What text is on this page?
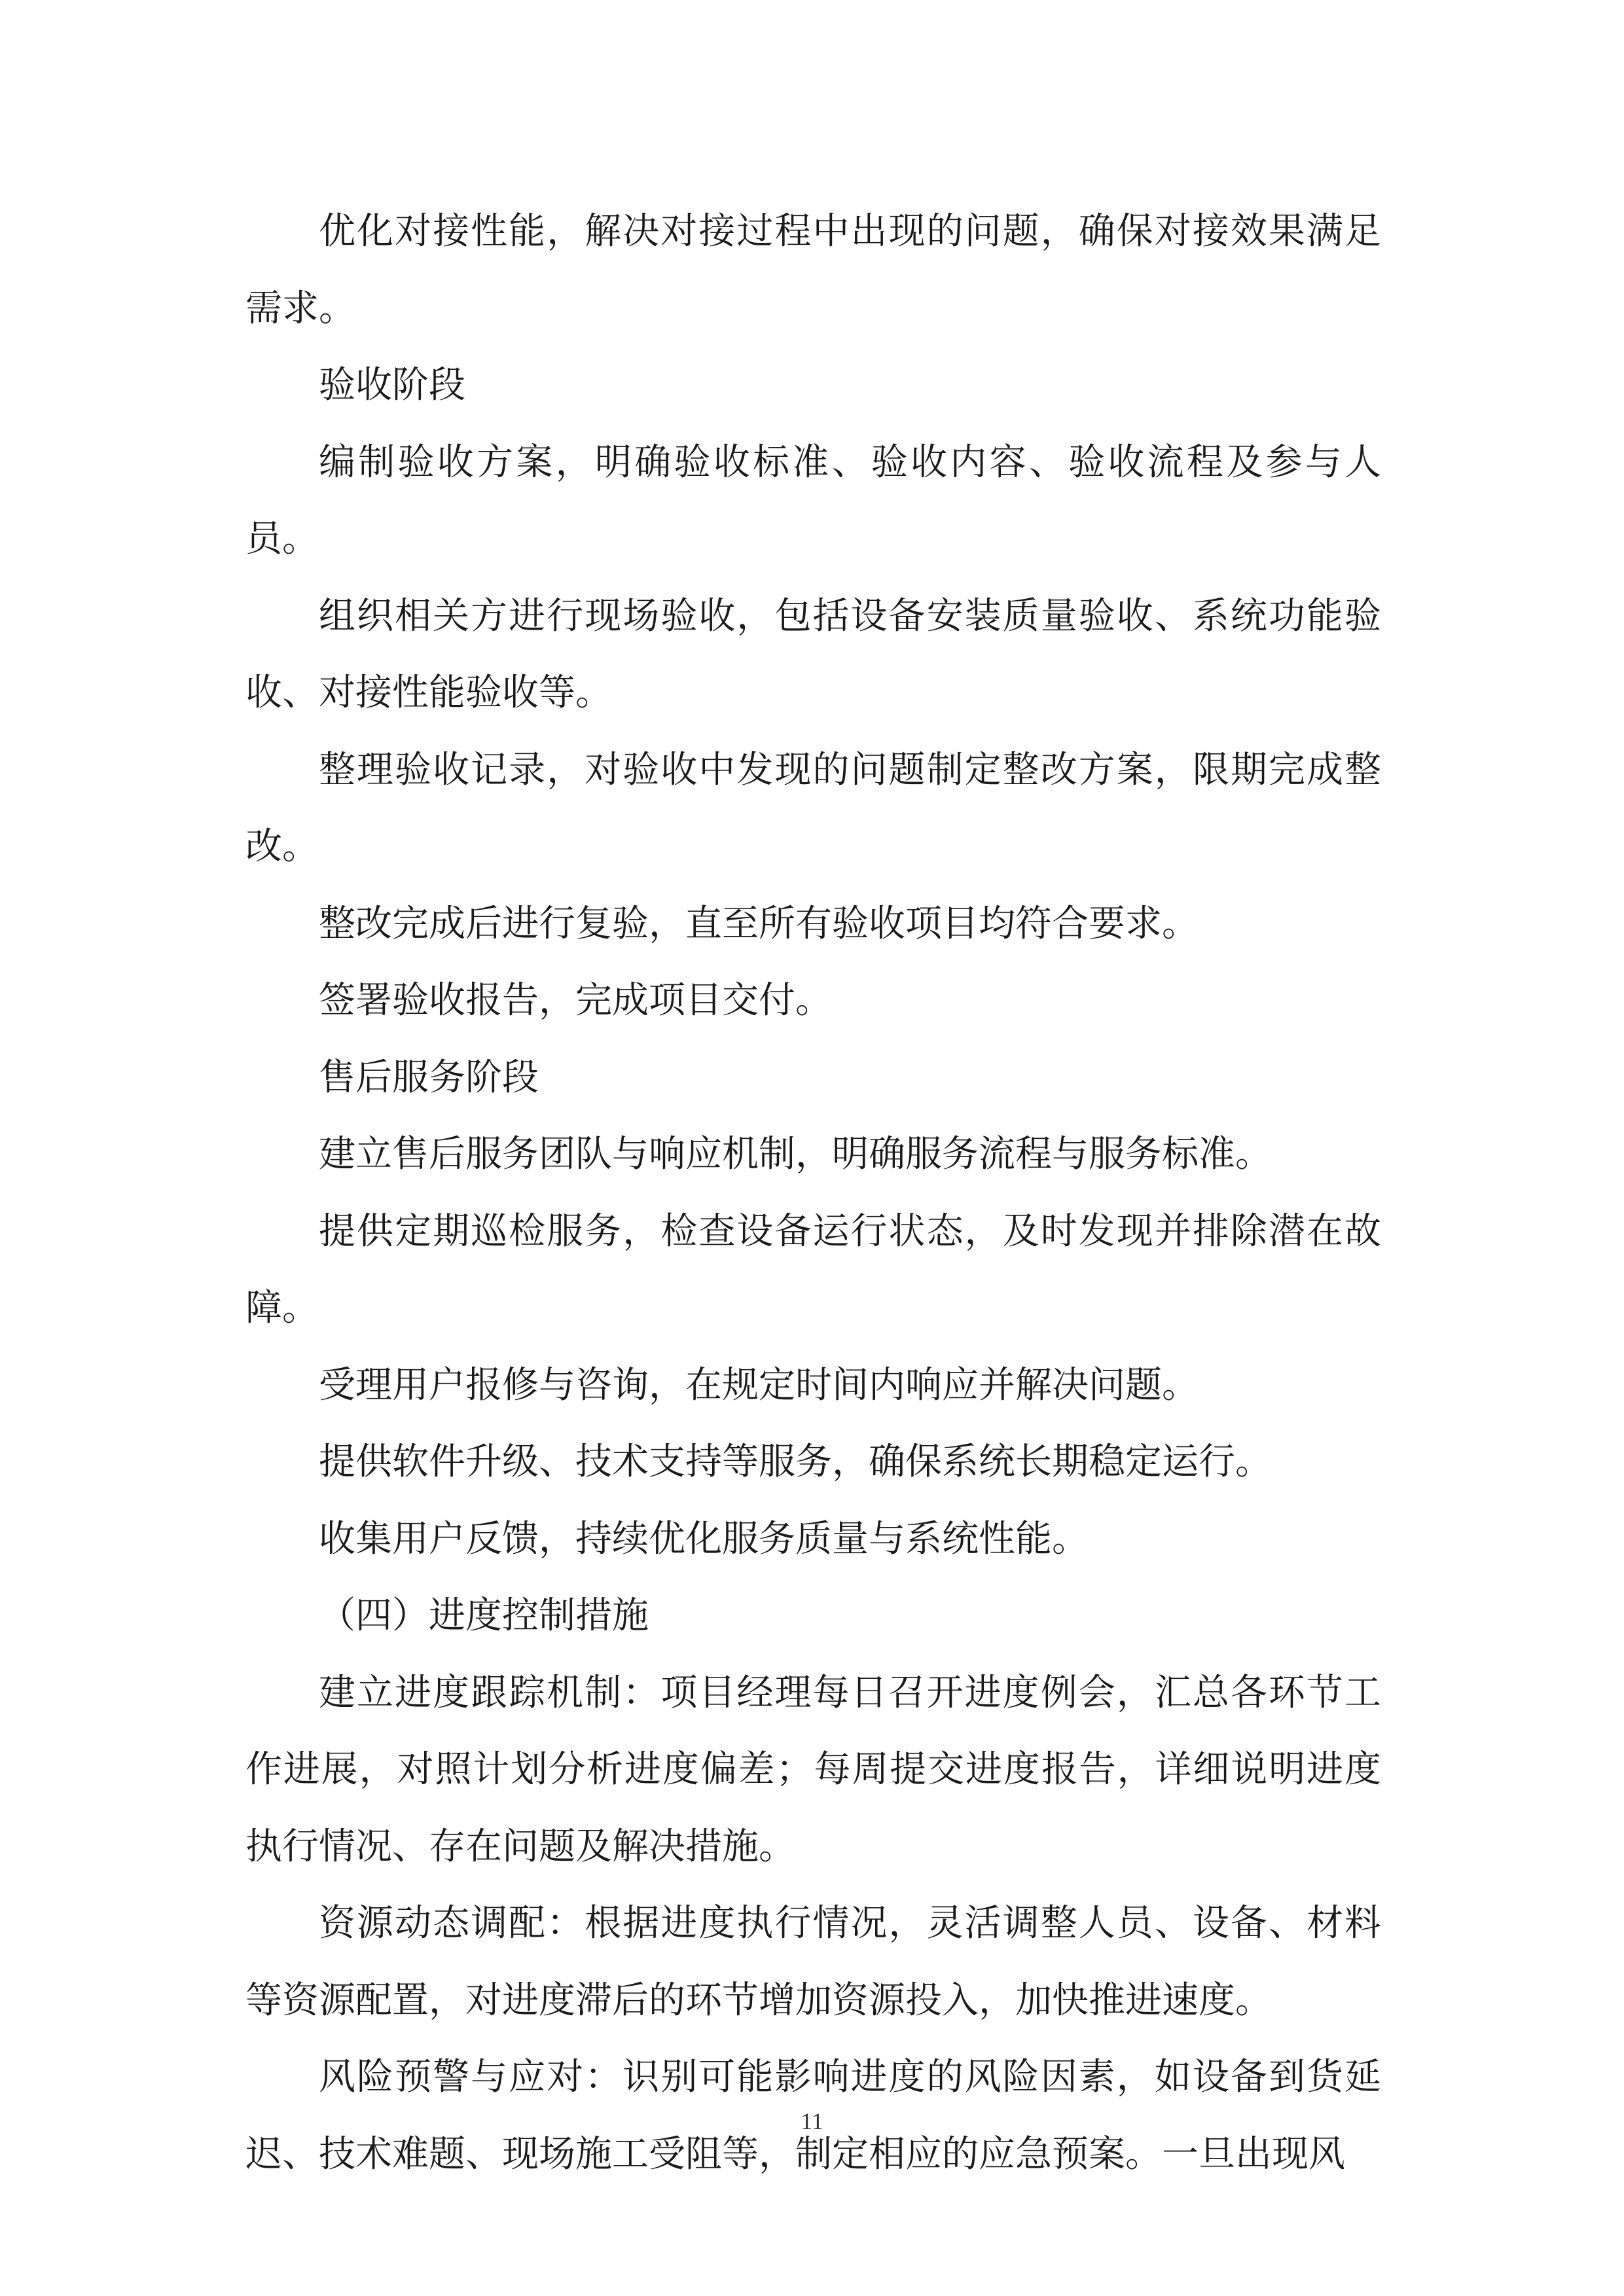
优化对接性能，解决对接过程中出现的问题，确保对接效果满足需求。

验收阶段

编制验收方案，明确验收标准、验收内容、验收流程及参与人员。

组织相关方进行现场验收，包括设备安装质量验收、系统功能验收、对接性能验收等。

整理验收记录，对验收中发现的问题制定整改方案，限期完成整改。

整改完成后进行复验，直至所有验收项目均符合要求。

签署验收报告，完成项目交付。

售后服务阶段

建立售后服务团队与响应机制，明确服务流程与服务标准。

提供定期巡检服务，检查设备运行状态，及时发现并排除潜在故障。

受理用户报修与咨询，在规定时间内响应并解决问题。

提供软件升级、技术支持等服务，确保系统长期稳定运行。

收集用户反馈，持续优化服务质量与系统性能。

（四）进度控制措施

建立进度跟踪机制：项目经理每日召开进度例会，汇总各环节工作进展，对照计划分析进度偏差；每周提交进度报告，详细说明进度执行情况、存在问题及解决措施。

资源动态调配：根据进度执行情况，灵活调整人员、设备、材料等资源配置，对进度滞后的环节增加资源投入，加快推进速度。

风险预警与应对：识别可能影响进度的风险因素，如设备到货延迟、技术难题、现场施工受阻等，制定相应的应急预案。一旦出现风

11
